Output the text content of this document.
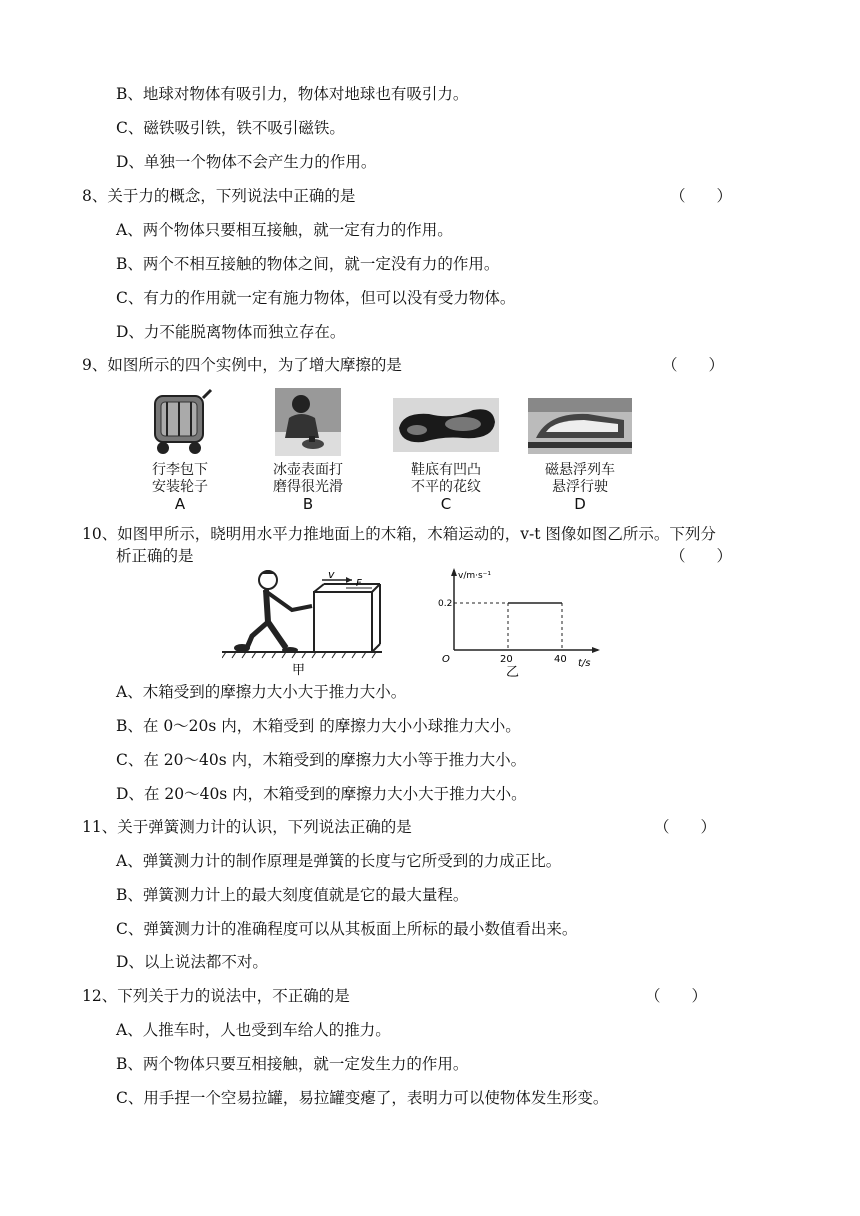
B、地球对物体有吸引力，物体对地球也有吸引力。
C、磁铁吸引铁，铁不吸引磁铁。
D、单独一个物体不会产生力的作用。
8、关于力的概念，下列说法中正确的是	（　　）
A、两个物体只要相互接触，就一定有力的作用。
B、两个不相互接触的物体之间，就一定没有力的作用。
C、有力的作用就一定有施力物体，但可以没有受力物体。
D、力不能脱离物体而独立存在。
9、如图所示的四个实例中，为了增大摩擦的是	（　　）
行李包下
安装轮子
冰壶表面打
磨得很光滑
鞋底有凹凸
不平的花纹
磁悬浮列车
悬浮行驶
A	B	C	D
10、如图甲所示，晓明用水平力推地面上的木箱，木箱运动的，v-t 图像如图乙所示。下列分
析正确的是	（　　）
v
F
甲
v/m·s⁻¹
t/s
O
0.2
20	40
乙
A、木箱受到的摩擦力大小大于推力大小。
B、在 0～20s 内，木箱受到 的摩擦力大小小球推力大小。
C、在 20～40s 内，木箱受到的摩擦力大小等于推力大小。
D、在 20～40s 内，木箱受到的摩擦力大小大于推力大小。
11、关于弹簧测力计的认识，下列说法正确的是	（　　）
A、弹簧测力计的制作原理是弹簧的长度与它所受到的力成正比。
B、弹簧测力计上的最大刻度值就是它的最大量程。
C、弹簧测力计的准确程度可以从其板面上所标的最小数值看出来。
D、以上说法都不对。
12、下列关于力的说法中，不正确的是	（　　）
A、人推车时，人也受到车给人的推力。
B、两个物体只要互相接触，就一定发生力的作用。
C、用手捏一个空易拉罐，易拉罐变瘪了，表明力可以使物体发生形变。
